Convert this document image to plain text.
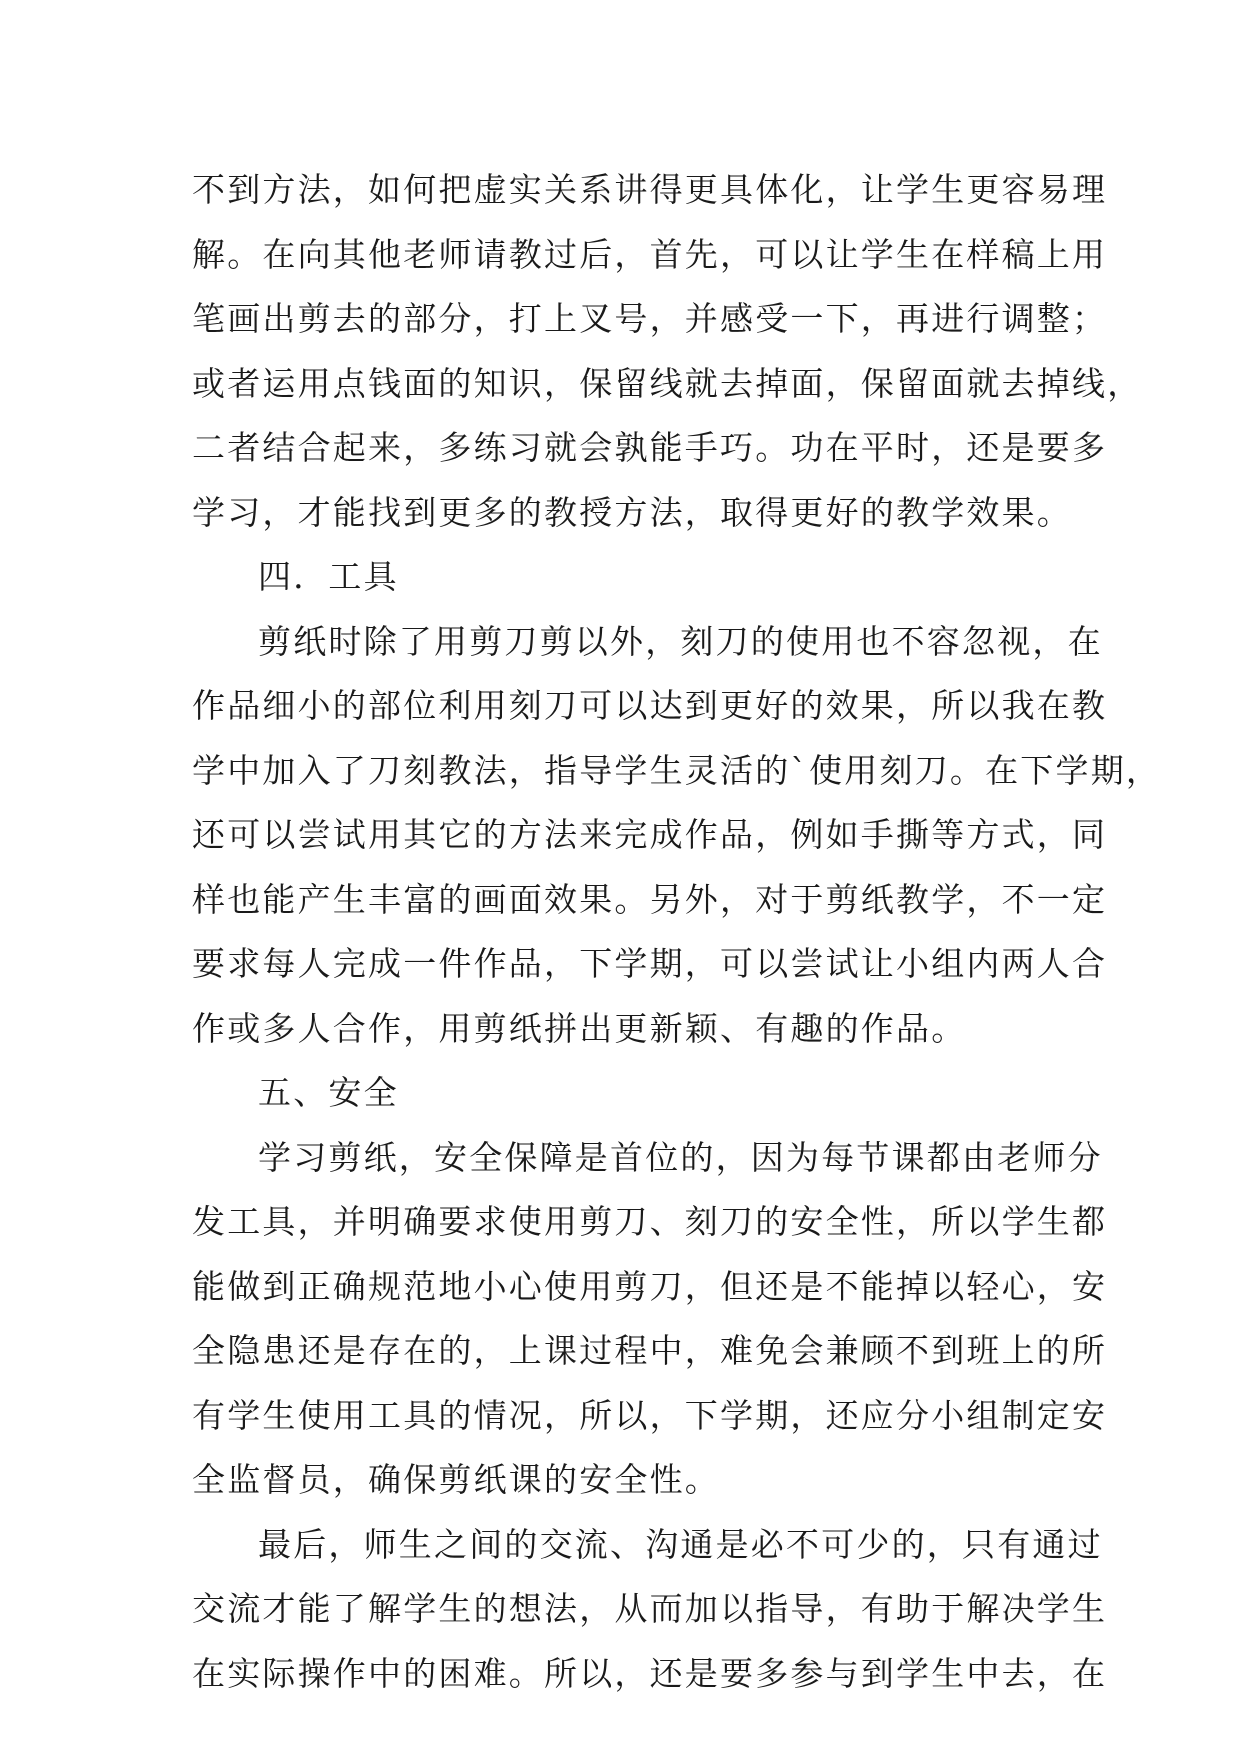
不到方法，如何把虚实关系讲得更具体化，让学生更容易理
解。在向其他老师请教过后，首先，可以让学生在样稿上用
笔画出剪去的部分，打上叉号，并感受一下，再进行调整；
或者运用点钱面的知识，保留线就去掉面，保留面就去掉线，
二者结合起来，多练习就会孰能手巧。功在平时，还是要多
学习，才能找到更多的教授方法，取得更好的教学效果。
四．工具
剪纸时除了用剪刀剪以外，刻刀的使用也不容忽视，在
作品细小的部位利用刻刀可以达到更好的效果，所以我在教
学中加入了刀刻教法，指导学生灵活的`使用刻刀。在下学期，
还可以尝试用其它的方法来完成作品，例如手撕等方式，同
样也能产生丰富的画面效果。另外，对于剪纸教学，不一定
要求每人完成一件作品，下学期，可以尝试让小组内两人合
作或多人合作，用剪纸拼出更新颖、有趣的作品。
五、安全
学习剪纸，安全保障是首位的，因为每节课都由老师分
发工具，并明确要求使用剪刀、刻刀的安全性，所以学生都
能做到正确规范地小心使用剪刀，但还是不能掉以轻心，安
全隐患还是存在的，上课过程中，难免会兼顾不到班上的所
有学生使用工具的情况，所以，下学期，还应分小组制定安
全监督员，确保剪纸课的安全性。
最后，师生之间的交流、沟通是必不可少的，只有通过
交流才能了解学生的想法，从而加以指导，有助于解决学生
在实际操作中的困难。所以，还是要多参与到学生中去，在
